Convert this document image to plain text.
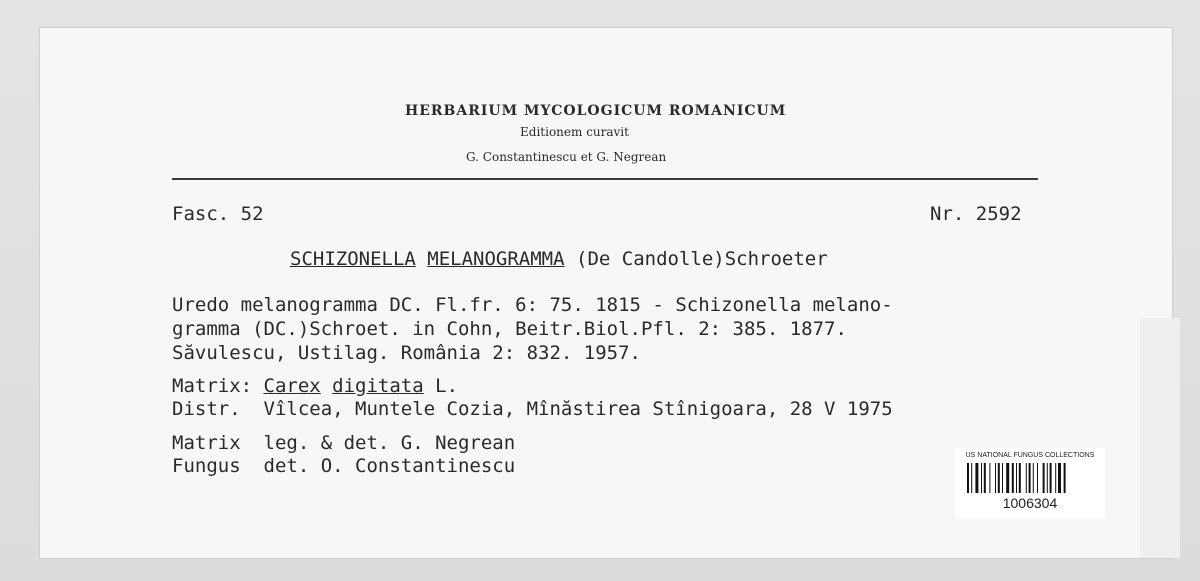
HERBARIUM MYCOLOGICUM ROMANICUM
Editionem curavit
G. Constantinescu et G. Negrean
Fasc. 52	Nr. 2592
SCHIZONELLA MELANOGRAMMA (De Candolle)Schroeter
Uredo melanogramma DC. Fl.fr. 6: 75. 1815 - Schizonella melano-
gramma (DC.)Schroet. in Cohn, Beitr.Biol.Pfl. 2: 385. 1877.
Săvulescu, Ustilag. România 2: 832. 1957.
Matrix: Carex digitata L.
Distr.  Vîlcea, Muntele Cozia, Mînăstirea Stînigoara, 28 V 1975
Matrix  leg. & det. G. Negrean
Fungus  det. O. Constantinescu	US NATIONAL FUNGUS COLLECTIONS
1006304
